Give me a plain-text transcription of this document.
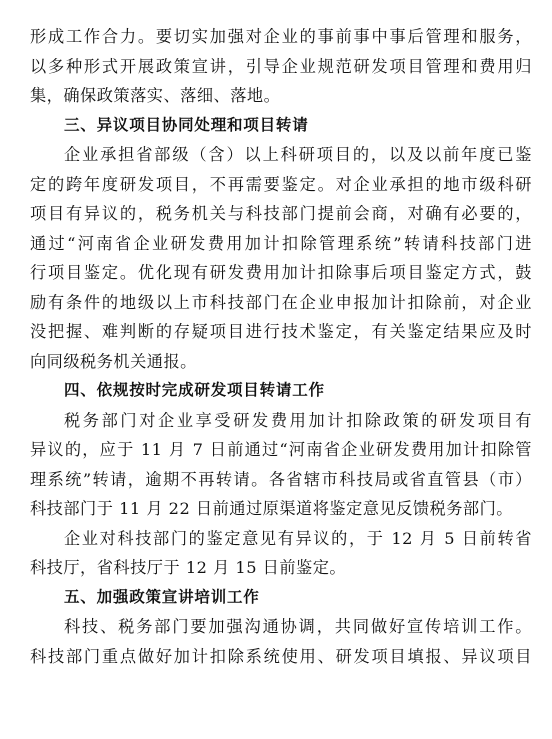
形成工作合力。要切实加强对企业的事前事中事后管理和服务，
以多种形式开展政策宣讲，引导企业规范研发项目管理和费用归
集，确保政策落实、落细、落地。
三、异议项目协同处理和项目转请
企业承担省部级（含）以上科研项目的，以及以前年度已鉴
定的跨年度研发项目，不再需要鉴定。对企业承担的地市级科研
项目有异议的，税务机关与科技部门提前会商，对确有必要的，
通过“河南省企业研发费用加计扣除管理系统”转请科技部门进
行项目鉴定。优化现有研发费用加计扣除事后项目鉴定方式，鼓
励有条件的地级以上市科技部门在企业申报加计扣除前，对企业
没把握、难判断的存疑项目进行技术鉴定，有关鉴定结果应及时
向同级税务机关通报。
四、依规按时完成研发项目转请工作
税务部门对企业享受研发费用加计扣除政策的研发项目有
异议的，应于 11 月 7 日前通过“河南省企业研发费用加计扣除管
理系统”转请，逾期不再转请。各省辖市科技局或省直管县（市）
科技部门于 11 月 22 日前通过原渠道将鉴定意见反馈税务部门。
企业对科技部门的鉴定意见有异议的，于 12 月 5 日前转省
科技厅，省科技厅于 12 月 15 日前鉴定。
五、加强政策宣讲培训工作
科技、税务部门要加强沟通协调，共同做好宣传培训工作。
科技部门重点做好加计扣除系统使用、研发项目填报、异议项目
